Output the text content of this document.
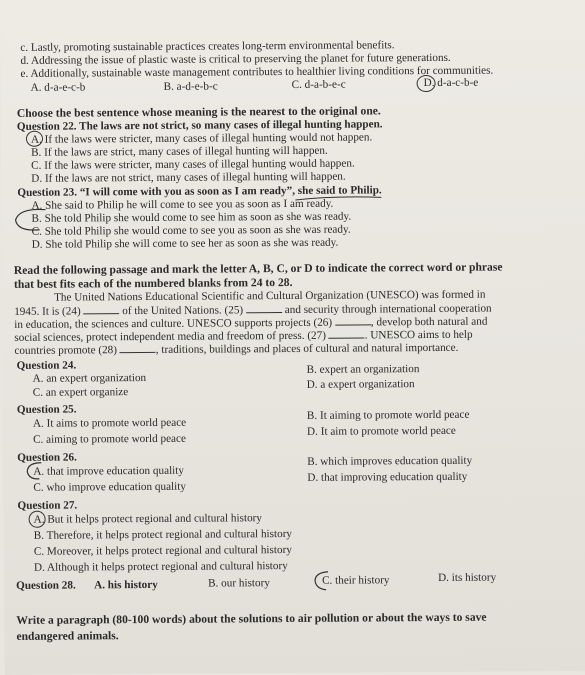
c. Lastly, promoting sustainable practices creates long-term environmental benefits.
d. Addressing the issue of plastic waste is critical to preserving the planet for future generations.
e. Additionally, sustainable waste management contributes to healthier living conditions for communities.
A. d-a-e-c-b	B. a-d-e-b-c	C. d-a-b-e-c	D. d-a-c-b-e
Choose the best sentence whose meaning is the nearest to the original one.
Question 22. The laws are not strict, so many cases of illegal hunting happen.
A. If the laws were stricter, many cases of illegal hunting would not happen.
B. If the laws are strict, many cases of illegal hunting will happen.
C. If the laws were stricter, many cases of illegal hunting would happen.
D. If the laws are not strict, many cases of illegal hunting will happen.
Question 23. “I will come with you as soon as I am ready”, she said to Philip.
A. She said to Philip he will come to see you as soon as I am ready.
B. She told Philip she would come to see him as soon as she was ready.
C. She told Philip she would come to see you as soon as she was ready.
D. She told Philip she will come to see her as soon as she was ready.
Read the following passage and mark the letter A, B, C, or D to indicate the correct word or phrase
that best fits each of the numbered blanks from 24 to 28.
The United Nations Educational Scientific and Cultural Organization (UNESCO) was formed in
1945. It is (24)	of the United Nations. (25)	and security through international cooperation
in education, the sciences and culture. UNESCO supports projects (26)	, develop both natural and
social sciences, protect independent media and freedom of press. (27)	. UNESCO aims to help
countries promote (28)	, traditions, buildings and places of cultural and natural importance.
Question 24.
A. an expert organization
B. expert an organization
C. an expert organize
D. a expert organization
Question 25.
A. It aims to promote world peace
B. It aiming to promote world peace
C. aiming to promote world peace
D. It aim to promote world peace
Question 26.
A. that improve education quality
B. which improves education quality
C. who improve education quality
D. that improving education quality
Question 27.
A. But it helps protect regional and cultural history
B. Therefore, it helps protect regional and cultural history
C. Moreover, it helps protect regional and cultural history
D. Although it helps protect regional and cultural history
Question 28. A. his history	B. our history	C. their history	D. its history
Write a paragraph (80-100 words) about the solutions to air pollution or about the ways to save
endangered animals.
